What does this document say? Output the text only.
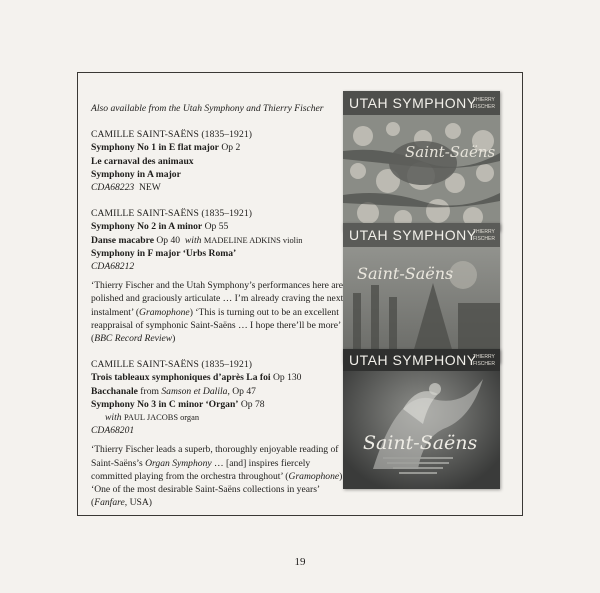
Also available from the Utah Symphony and Thierry Fischer
CAMILLE SAINT-SAËNS (1835–1921)
Symphony No 1 in E flat major Op 2
Le carnaval des animaux
Symphony in A major
CDA68223 NEW
CAMILLE SAINT-SAËNS (1835–1921)
Symphony No 2 in A minor Op 55
Danse macabre Op 40 with MADELINE ADKINS violin
Symphony in F major ‘Urbs Roma’
CDA68212
‘Thierry Fischer and the Utah Symphony’s performances here are polished and graciously articulate … I’m already craving the next instalment’ (Gramophone) ‘This is turning out to be an excellent reappraisal of symphonic Saint-Saëns … I hope there’ll be more’ (BBC Record Review)
CAMILLE SAINT-SAËNS (1835–1921)
Trois tableaux symphoniques d’après La foi Op 130
Bacchanale from Samson et Dalila, Op 47
Symphony No 3 in C minor ‘Organ’ Op 78
with PAUL JACOBS organ
CDA68201
‘Thierry Fischer leads a superb, thoroughly enjoyable reading of Saint-Saëns’s Organ Symphony … [and] inspires fiercely committed playing from the orchestra throughout’ (Gramophone) ‘One of the most desirable Saint-Saëns collections in years’ (Fanfare, USA)
Saint-Saëns
UTAH SYMPHONY
THIERRY
FISCHER
Saint-Saëns
UTAH SYMPHONY
THIERRY
FISCHER
Saint-Saëns
UTAH SYMPHONY
THIERRY
FISCHER
19
